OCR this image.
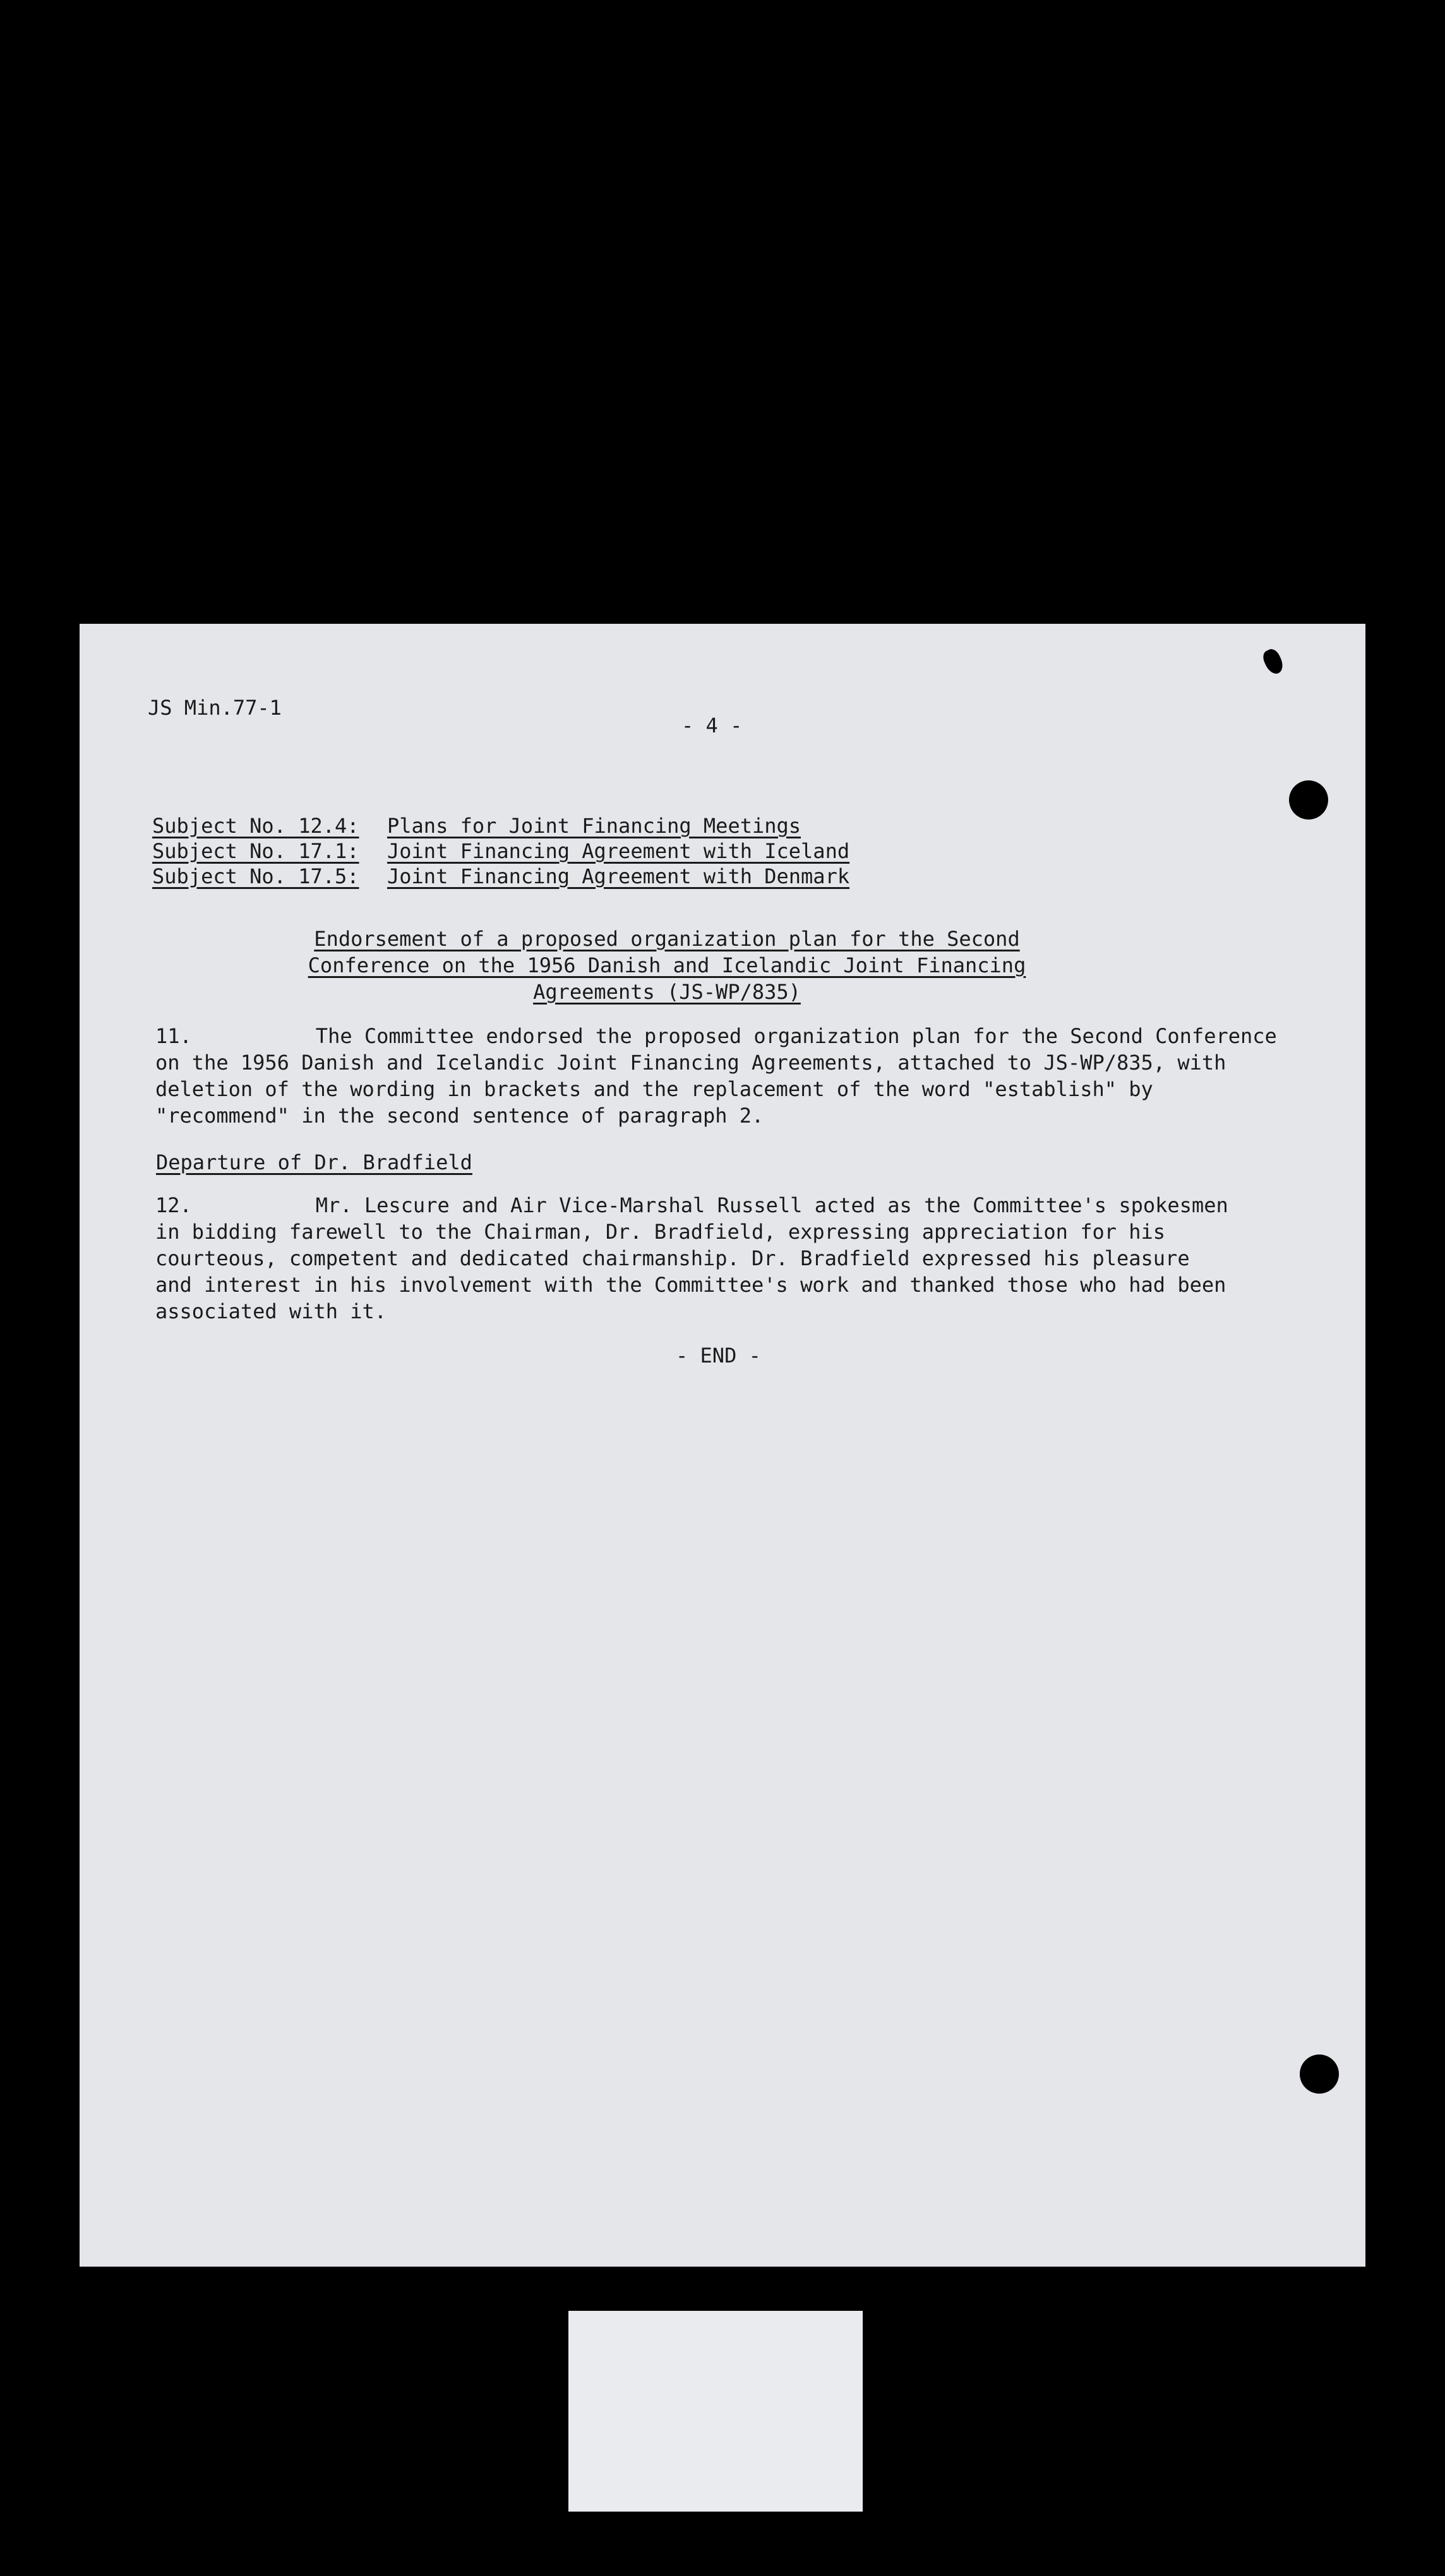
JS Min.77-1
- 4 -
Subject No. 12.4:	Plans for Joint Financing Meetings
Subject No. 17.1:	Joint Financing Agreement with Iceland
Subject No. 17.5:	Joint Financing Agreement with Denmark
Endorsement of a proposed organization plan for the Second
Conference on the 1956 Danish and Icelandic Joint Financing
Agreements (JS-WP/835)
11.	The Committee endorsed the proposed organization plan for the Second Conference
on the 1956 Danish and Icelandic Joint Financing Agreements, attached to JS-WP/835, with
deletion of the wording in brackets and the replacement of the word "establish" by
"recommend" in the second sentence of paragraph 2.
Departure of Dr. Bradfield
12.	Mr. Lescure and Air Vice-Marshal Russell acted as the Committee's spokesmen
in bidding farewell to the Chairman, Dr. Bradfield, expressing appreciation for his
courteous, competent and dedicated chairmanship. Dr. Bradfield expressed his pleasure
and interest in his involvement with the Committee's work and thanked those who had been
associated with it.
- END -
